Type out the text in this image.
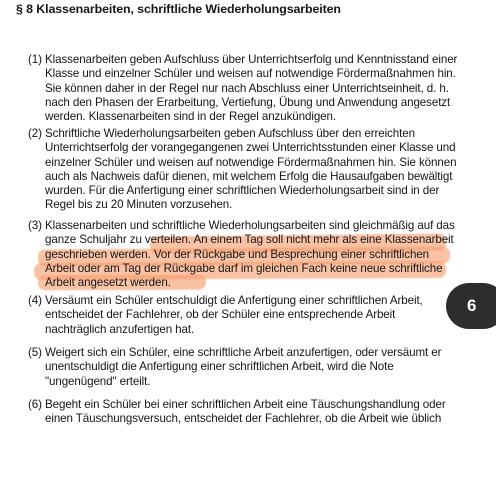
§ 8 Klassenarbeiten, schriftliche Wiederholungsarbeiten
(1) Klassenarbeiten geben Aufschluss über Unterrichtserfolg und Kenntnisstand einer
Klasse und einzelner Schüler und weisen auf notwendige Fördermaßnahmen hin.
Sie können daher in der Regel nur nach Abschluss einer Unterrichtseinheit, d. h.
nach den Phasen der Erarbeitung, Vertiefung, Übung und Anwendung angesetzt
werden. Klassenarbeiten sind in der Regel anzukündigen.
(2) Schriftliche Wiederholungsarbeiten geben Aufschluss über den erreichten
Unterrichtserfolg der vorangegangenen zwei Unterrichtsstunden einer Klasse und
einzelner Schüler und weisen auf notwendige Fördermaßnahmen hin. Sie können
auch als Nachweis dafür dienen, mit welchem Erfolg die Hausaufgaben bewältigt
wurden. Für die Anfertigung einer schriftlichen Wiederholungsarbeit sind in der
Regel bis zu 20 Minuten vorzusehen.
(3) Klassenarbeiten und schriftliche Wiederholungsarbeiten sind gleichmäßig auf das
ganze Schuljahr zu verteilen. An einem Tag soll nicht mehr als eine Klassenarbeit
geschrieben werden. Vor der Rückgabe und Besprechung einer schriftlichen
Arbeit oder am Tag der Rückgabe darf im gleichen Fach keine neue schriftliche
Arbeit angesetzt werden.
(4) Versäumt ein Schüler entschuldigt die Anfertigung einer schriftlichen Arbeit,
entscheidet der Fachlehrer, ob der Schüler eine entsprechende Arbeit
nachträglich anzufertigen hat.
(5) Weigert sich ein Schüler, eine schriftliche Arbeit anzufertigen, oder versäumt er
unentschuldigt die Anfertigung einer schriftlichen Arbeit, wird die Note
"ungenügend" erteilt.
(6) Begeht ein Schüler bei einer schriftlichen Arbeit eine Täuschungshandlung oder
einen Täuschungsversuch, entscheidet der Fachlehrer, ob die Arbeit wie üblich
6
